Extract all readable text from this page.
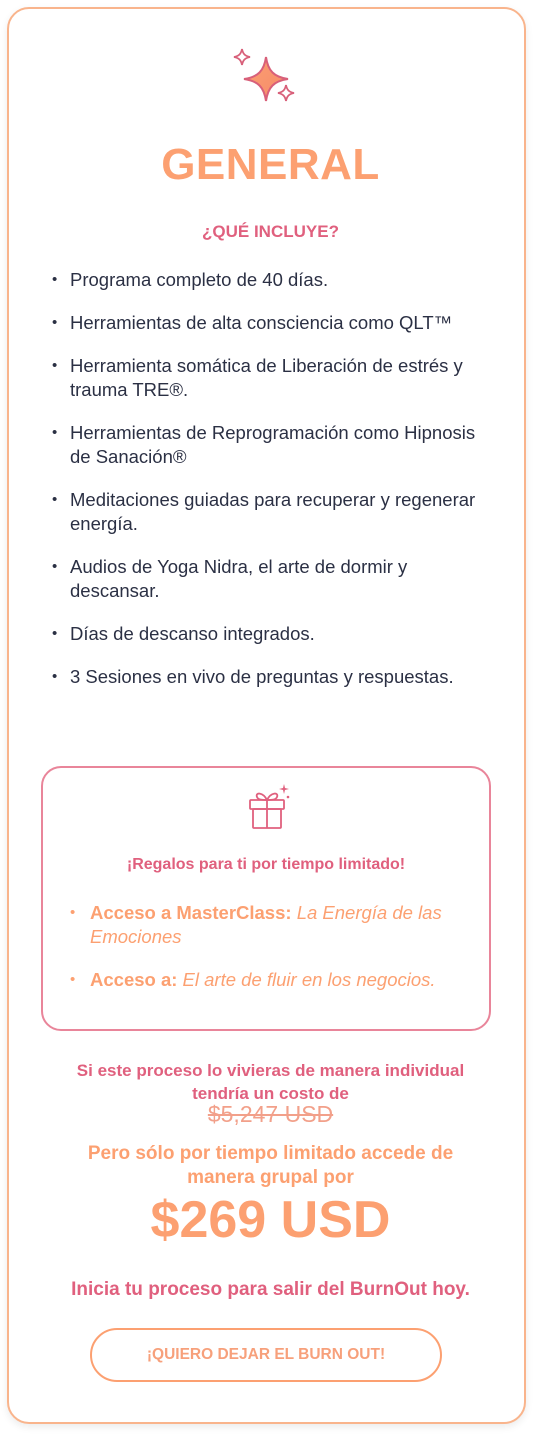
GENERAL
¿QUÉ INCLUYE?
• Programa completo de 40 días.
• Herramientas de alta consciencia como QLT™
• Herramienta somática de Liberación de estrés y trauma TRE®.
• Herramientas de Reprogramación como Hipnosis de Sanación®
• Meditaciones guiadas para recuperar y regenerar energía.
• Audios de Yoga Nidra, el arte de dormir y descansar.
• Días de descanso integrados.
• 3 Sesiones en vivo de preguntas y respuestas.
¡Regalos para ti por tiempo limitado!
• Acceso a MasterClass: La Energía de las Emociones
• Acceso a: El arte de fluir en los negocios.
Si este proceso lo vivieras de manera individual tendría un costo de
$5,247 USD
Pero sólo por tiempo limitado accede de manera grupal por
$269 USD
Inicia tu proceso para salir del BurnOut hoy.
¡QUIERO DEJAR EL BURN OUT!
